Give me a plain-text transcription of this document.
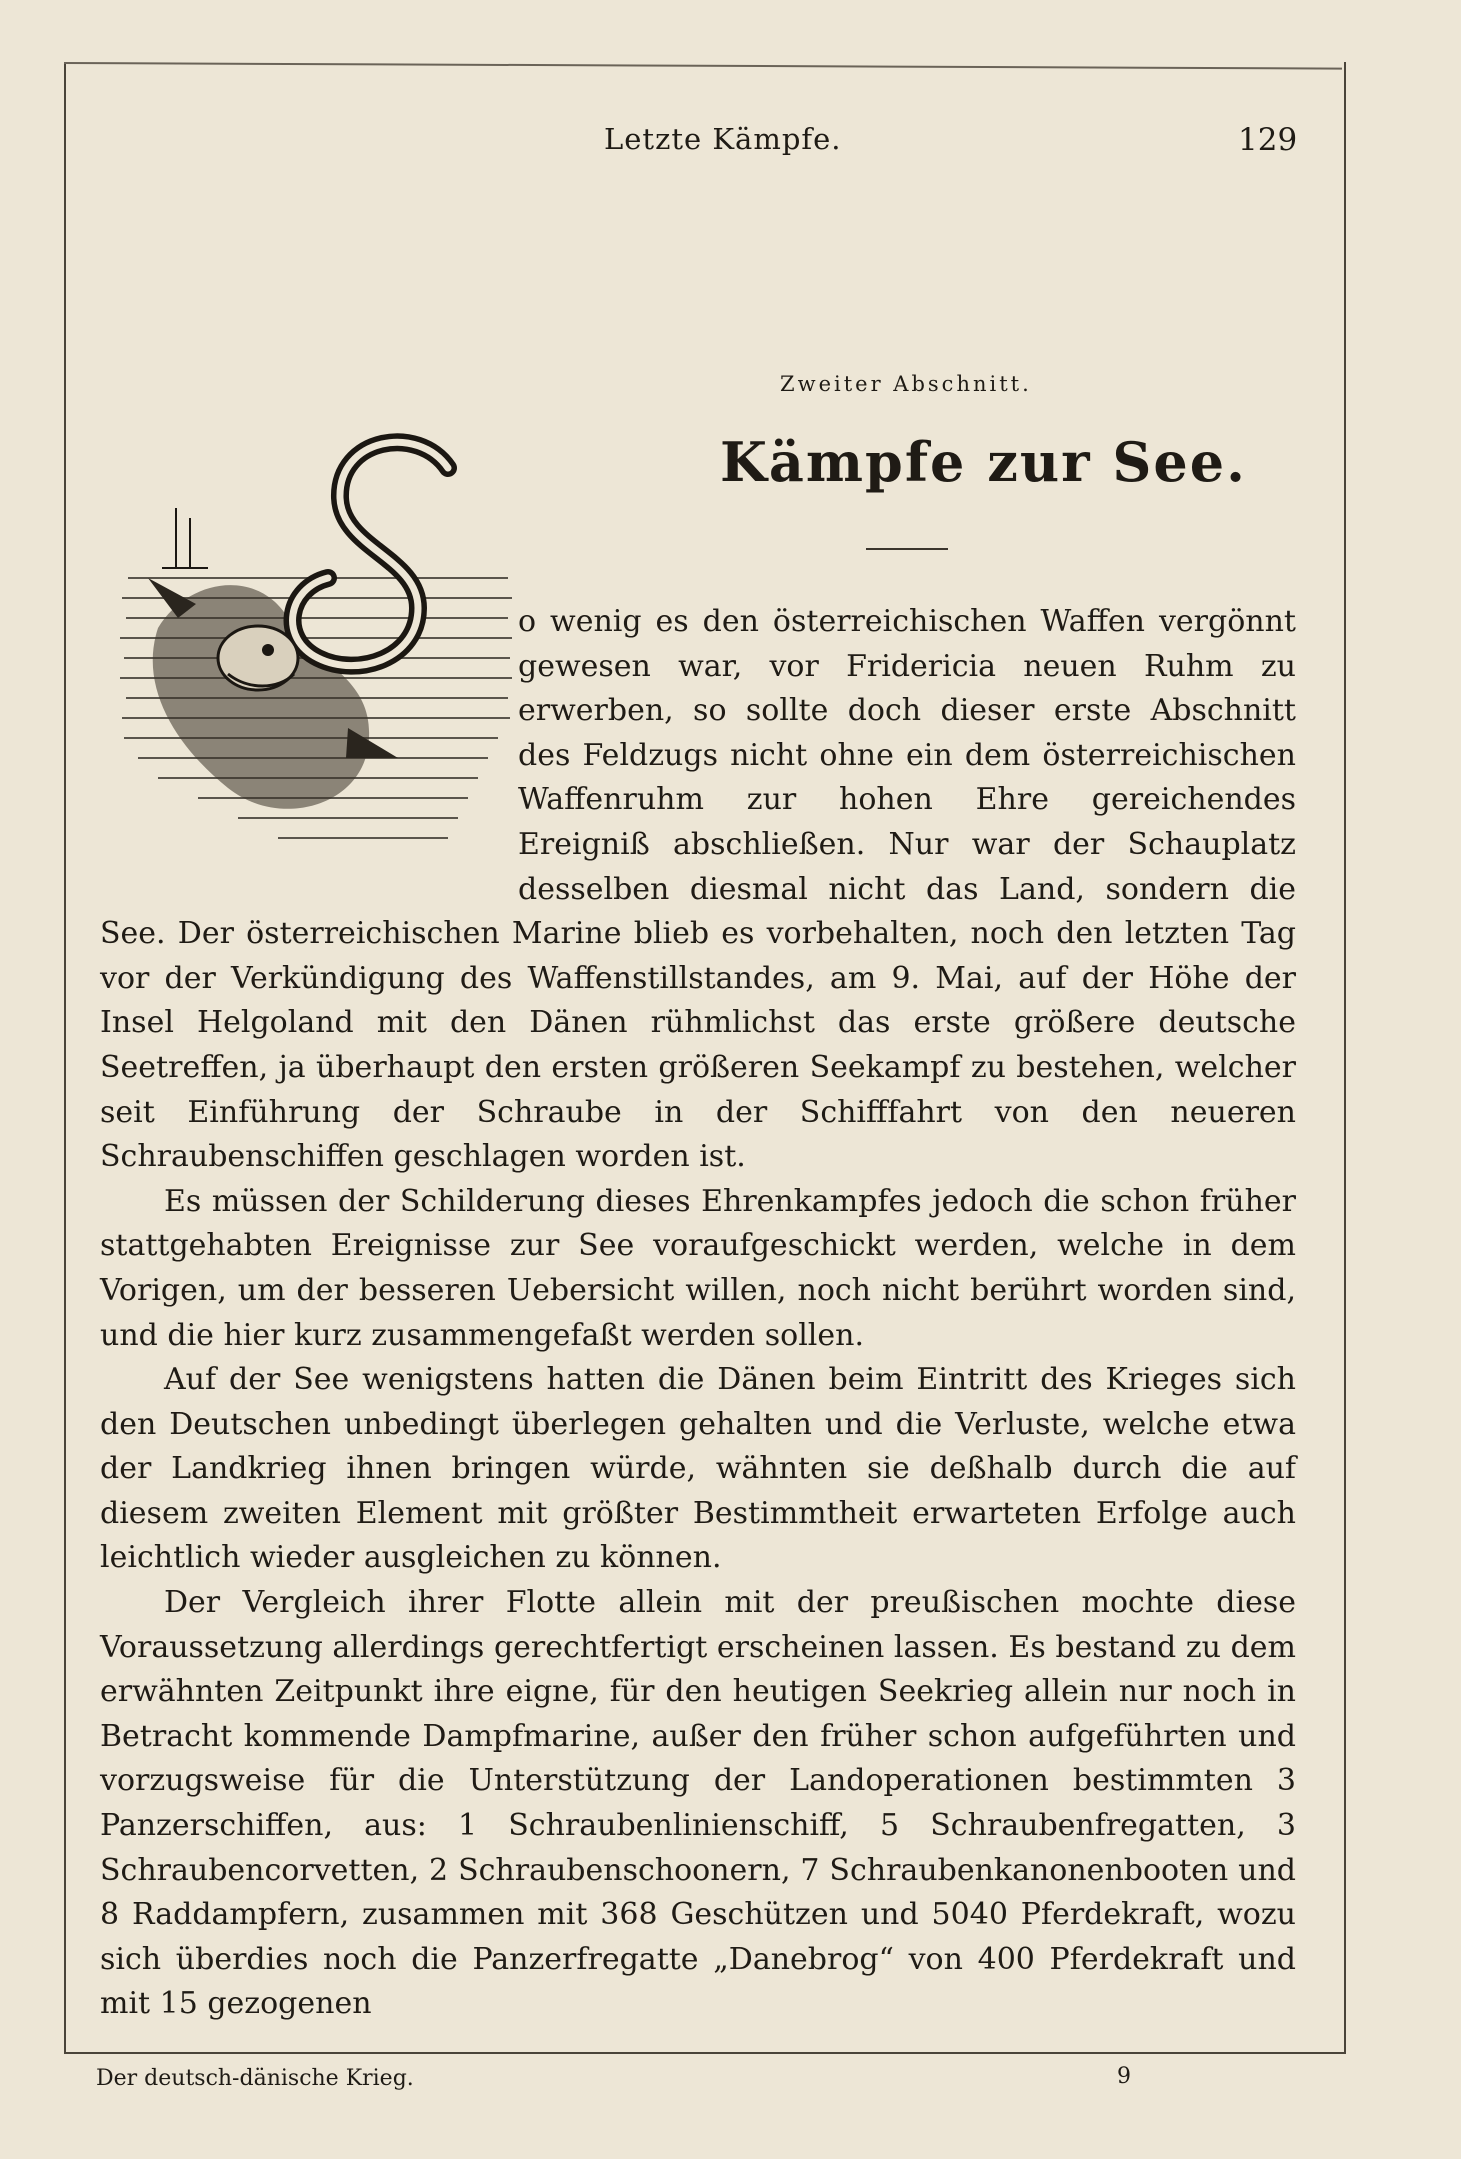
Letzte Kämpfe.	129
Zweiter Abschnitt.
Kämpfe zur See.

o wenig es den österreichischen Waffen vergönnt gewesen war, vor Fridericia neuen Ruhm zu erwerben, so sollte doch dieser erste Abschnitt des Feldzugs nicht ohne ein dem österreichischen Waffenruhm zur hohen Ehre gereichendes Ereigniß abschließen. Nur war der Schauplatz desselben diesmal nicht das Land, sondern die See. Der österreichischen Marine blieb es vorbehalten, noch den letzten Tag vor der Verkündigung des Waffenstillstandes, am 9. Mai, auf der Höhe der Insel Helgoland mit den Dänen rühmlichst das erste größere deutsche Seetreffen, ja überhaupt den ersten größeren Seekampf zu bestehen, welcher seit Einführung der Schraube in der Schifffahrt von den neueren Schraubenschiffen geschlagen worden ist.

Es müssen der Schilderung dieses Ehrenkampfes jedoch die schon früher stattgehabten Ereignisse zur See voraufgeschickt werden, welche in dem Vorigen, um der besseren Uebersicht willen, noch nicht berührt worden sind, und die hier kurz zusammengefaßt werden sollen.

Auf der See wenigstens hatten die Dänen beim Eintritt des Krieges sich den Deutschen unbedingt überlegen gehalten und die Verluste, welche etwa der Landkrieg ihnen bringen würde, wähnten sie deßhalb durch die auf diesem zweiten Element mit größter Bestimmtheit erwarteten Erfolge auch leichtlich wieder ausgleichen zu können.

Der Vergleich ihrer Flotte allein mit der preußischen mochte diese Voraussetzung allerdings gerechtfertigt erscheinen lassen. Es bestand zu dem erwähnten Zeitpunkt ihre eigne, für den heutigen Seekrieg allein nur noch in Betracht kommende Dampfmarine, außer den früher schon aufgeführten und vorzugsweise für die Unterstützung der Landoperationen bestimmten 3 Panzerschiffen, aus: 1 Schraubenlinienschiff, 5 Schraubenfregatten, 3 Schraubencorvetten, 2 Schraubenschoonern, 7 Schraubenkanonenbooten und 8 Raddampfern, zusammen mit 368 Geschützen und 5040 Pferdekraft, wozu sich überdies noch die Panzerfregatte „Danebrog“ von 400 Pferdekraft und mit 15 gezogenen

Der deutsch-dänische Krieg.	9
